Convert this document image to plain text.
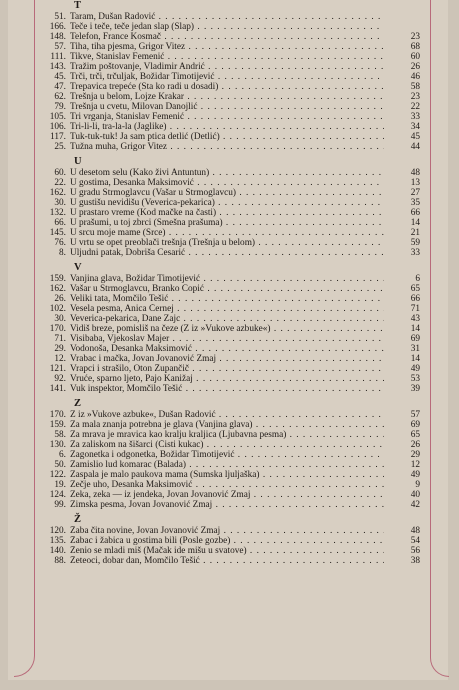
T
51. Taram, Dušan Radović . . .
166. Teče i teče, teče jedan slap (Slap) . . .
148. Telefon, France Kosmač . . .	23
57. Tiha, tiha pjesma, Grigor Vitez . . .	68
111. Tikve, Stanislav Femenić . . .	60
143. Tražim poštovanje, Vladimir Andrić . . .	26
45. Trči, trči, trčuljak, Božidar Timotijević . . .	46
47. Trepavica trepeće (Šta ko radi u dosadi) . . .	58
62. Trešnja u belom, Lojze Krakar . . .	23
79. Trešnja u cvetu, Milovan Danojlić . . .	22
105. Tri vrganja, Stanislav Femenić . . .	33
106. Tri-li-li, tra-la-la (Jaglike) . . .	34
117. Tuk-tuk-tuk! Ja sam ptica detlić (Detlić) . . .	45
25. Tužna muha, Grigor Vitez . . .	44
U
60. U desetom selu (Kako živi Antuntun) . . .	48
22. U gostima, Desanka Maksimović . . .	13
162. U gradu Strmoglavcu (Vašar u Strmoglavcu) . . .	27
30. U gustišu nevidišu (Veverica-pekarica) . . .	35
132. U prastaro vreme (Kod mačke na časti) . . .	66
66. U prašumi, u toj zbrci (Smešna prašuma) . . .	14
145. U srcu moje mame (Srce) . . .	21
76. U vrtu se opet preoblači trešnja (Trešnja u belom) . . .	59
8. Uljudni patak, Dobriša Cesarić . . .	33
V
159. Vanjina glava, Božidar Timotijević . . .	6
162. Vašar u Strmoglavcu, Branko Ćopić . . .	65
26. Veliki tata, Momčilo Tešić . . .	66
102. Vesela pesma, Anica Černej . . .	71
30. Veverica-pekarica, Dane Zajc . . .	43
170. Vidiš breze, pomisliš na čeze (Z iz »Vukove azbuke«) . . .	14
71. Visibaba, Vjekoslav Majer . . .	69
29. Vodonoša, Desanka Maksimović . . .	31
12. Vrabac i mačka, Jovan Jovanović Zmaj . . .	14
121. Vrapci i strašilo, Oton Župančič . . .	49
92. Vruće, sparno ljeto, Pajo Kanižaj . . .	53
141. Vuk inspektor, Momčilo Tešić . . .	39
Z
170. Z iz »Vukove azbuke«, Dušan Radović . . .	57
159. Za mala znanja potrebna je glava (Vanjina glava) . . .	69
58. Za mrava je mravica kao kralju kraljica (Ljubavna pesma) . . .	65
130. Za zaliskom na šišarci (Čisti kukac) . . .	26
6. Zagonetka i odgonetka, Božidar Timotijević . . .	29
50. Zamislio lud komarac (Balada) . . .	12
122. Zaspala je malo paukova mama (Šumska ljuljaška) . . .	49
19. Zečje uho, Desanka Maksimović . . .	9
124. Zeka, zeka — iz jendeka, Jovan Jovanović Zmaj . . .	40
99. Zimska pesma, Jovan Jovanović Zmaj . . .	42
Ž
120. Žaba čita novine, Jovan Jovanović Zmaj . . .	48
135. Žabac i žabica u gostima bili (Posle gozbe) . . .	54
140. Ženio se mladi miš (Mačak ide mišu u svatove) . . .	56
88. Žeteoci, dobar dan, Momčilo Tešić . . .	38
